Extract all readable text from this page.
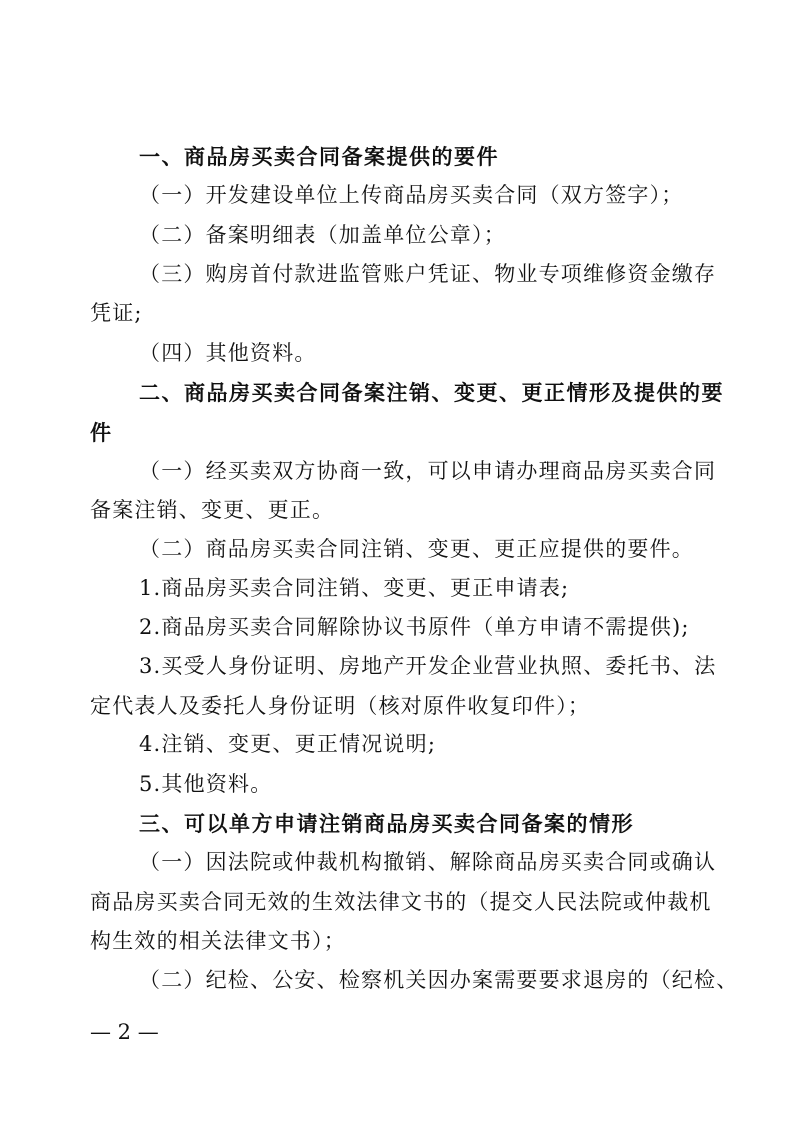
一、商品房买卖合同备案提供的要件
（一）开发建设单位上传商品房买卖合同（双方签字）；
（二）备案明细表（加盖单位公章）；
（三）购房首付款进监管账户凭证、物业专项维修资金缴存
凭证;
（四）其他资料。
二、商品房买卖合同备案注销、变更、更正情形及提供的要
件
（一）经买卖双方协商一致，可以申请办理商品房买卖合同
备案注销、变更、更正。
（二）商品房买卖合同注销、变更、更正应提供的要件。
1.商品房买卖合同注销、变更、更正申请表;
2.商品房买卖合同解除协议书原件（单方申请不需提供);
3.买受人身份证明、房地产开发企业营业执照、委托书、法
定代表人及委托人身份证明（核对原件收复印件）；
4.注销、变更、更正情况说明;
5.其他资料。
三、可以单方申请注销商品房买卖合同备案的情形
（一）因法院或仲裁机构撤销、解除商品房买卖合同或确认
商品房买卖合同无效的生效法律文书的（提交人民法院或仲裁机
构生效的相关法律文书）；
（二）纪检、公安、检察机关因办案需要要求退房的（纪检、
— 2 —
